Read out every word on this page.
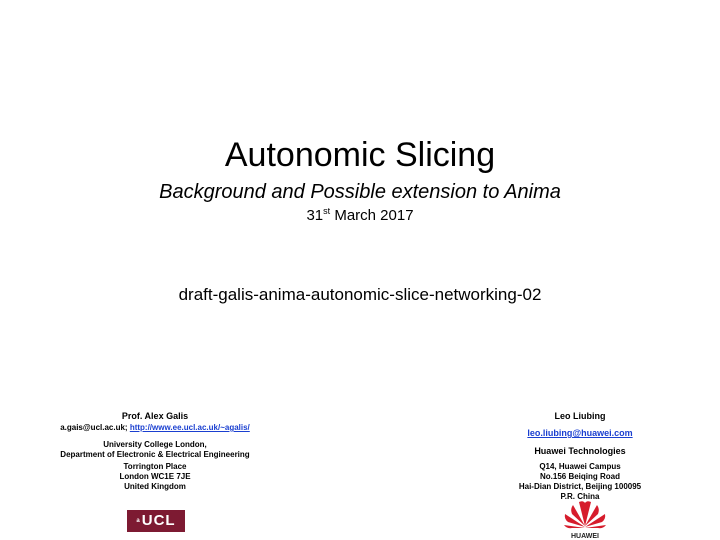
Autonomic Slicing
Background and Possible extension to Anima
31st March 2017
draft-galis-anima-autonomic-slice-networking-02
Prof. Alex Galis
a.gais@ucl.ac.uk; http://www.ee.ucl.ac.uk/~agalis/
University College London,
Department of Electronic & Electrical Engineering
Torrington Place
London WC1E 7JE
United Kingdom
Leo Liubing
leo.liubing@huawei.com
Huawei Technologies
Q14, Huawei Campus
No.156 Beiqing Road
Hai-Dian District, Beijing 100095
P.R. China
$^a$ UCL
HUAWEI
